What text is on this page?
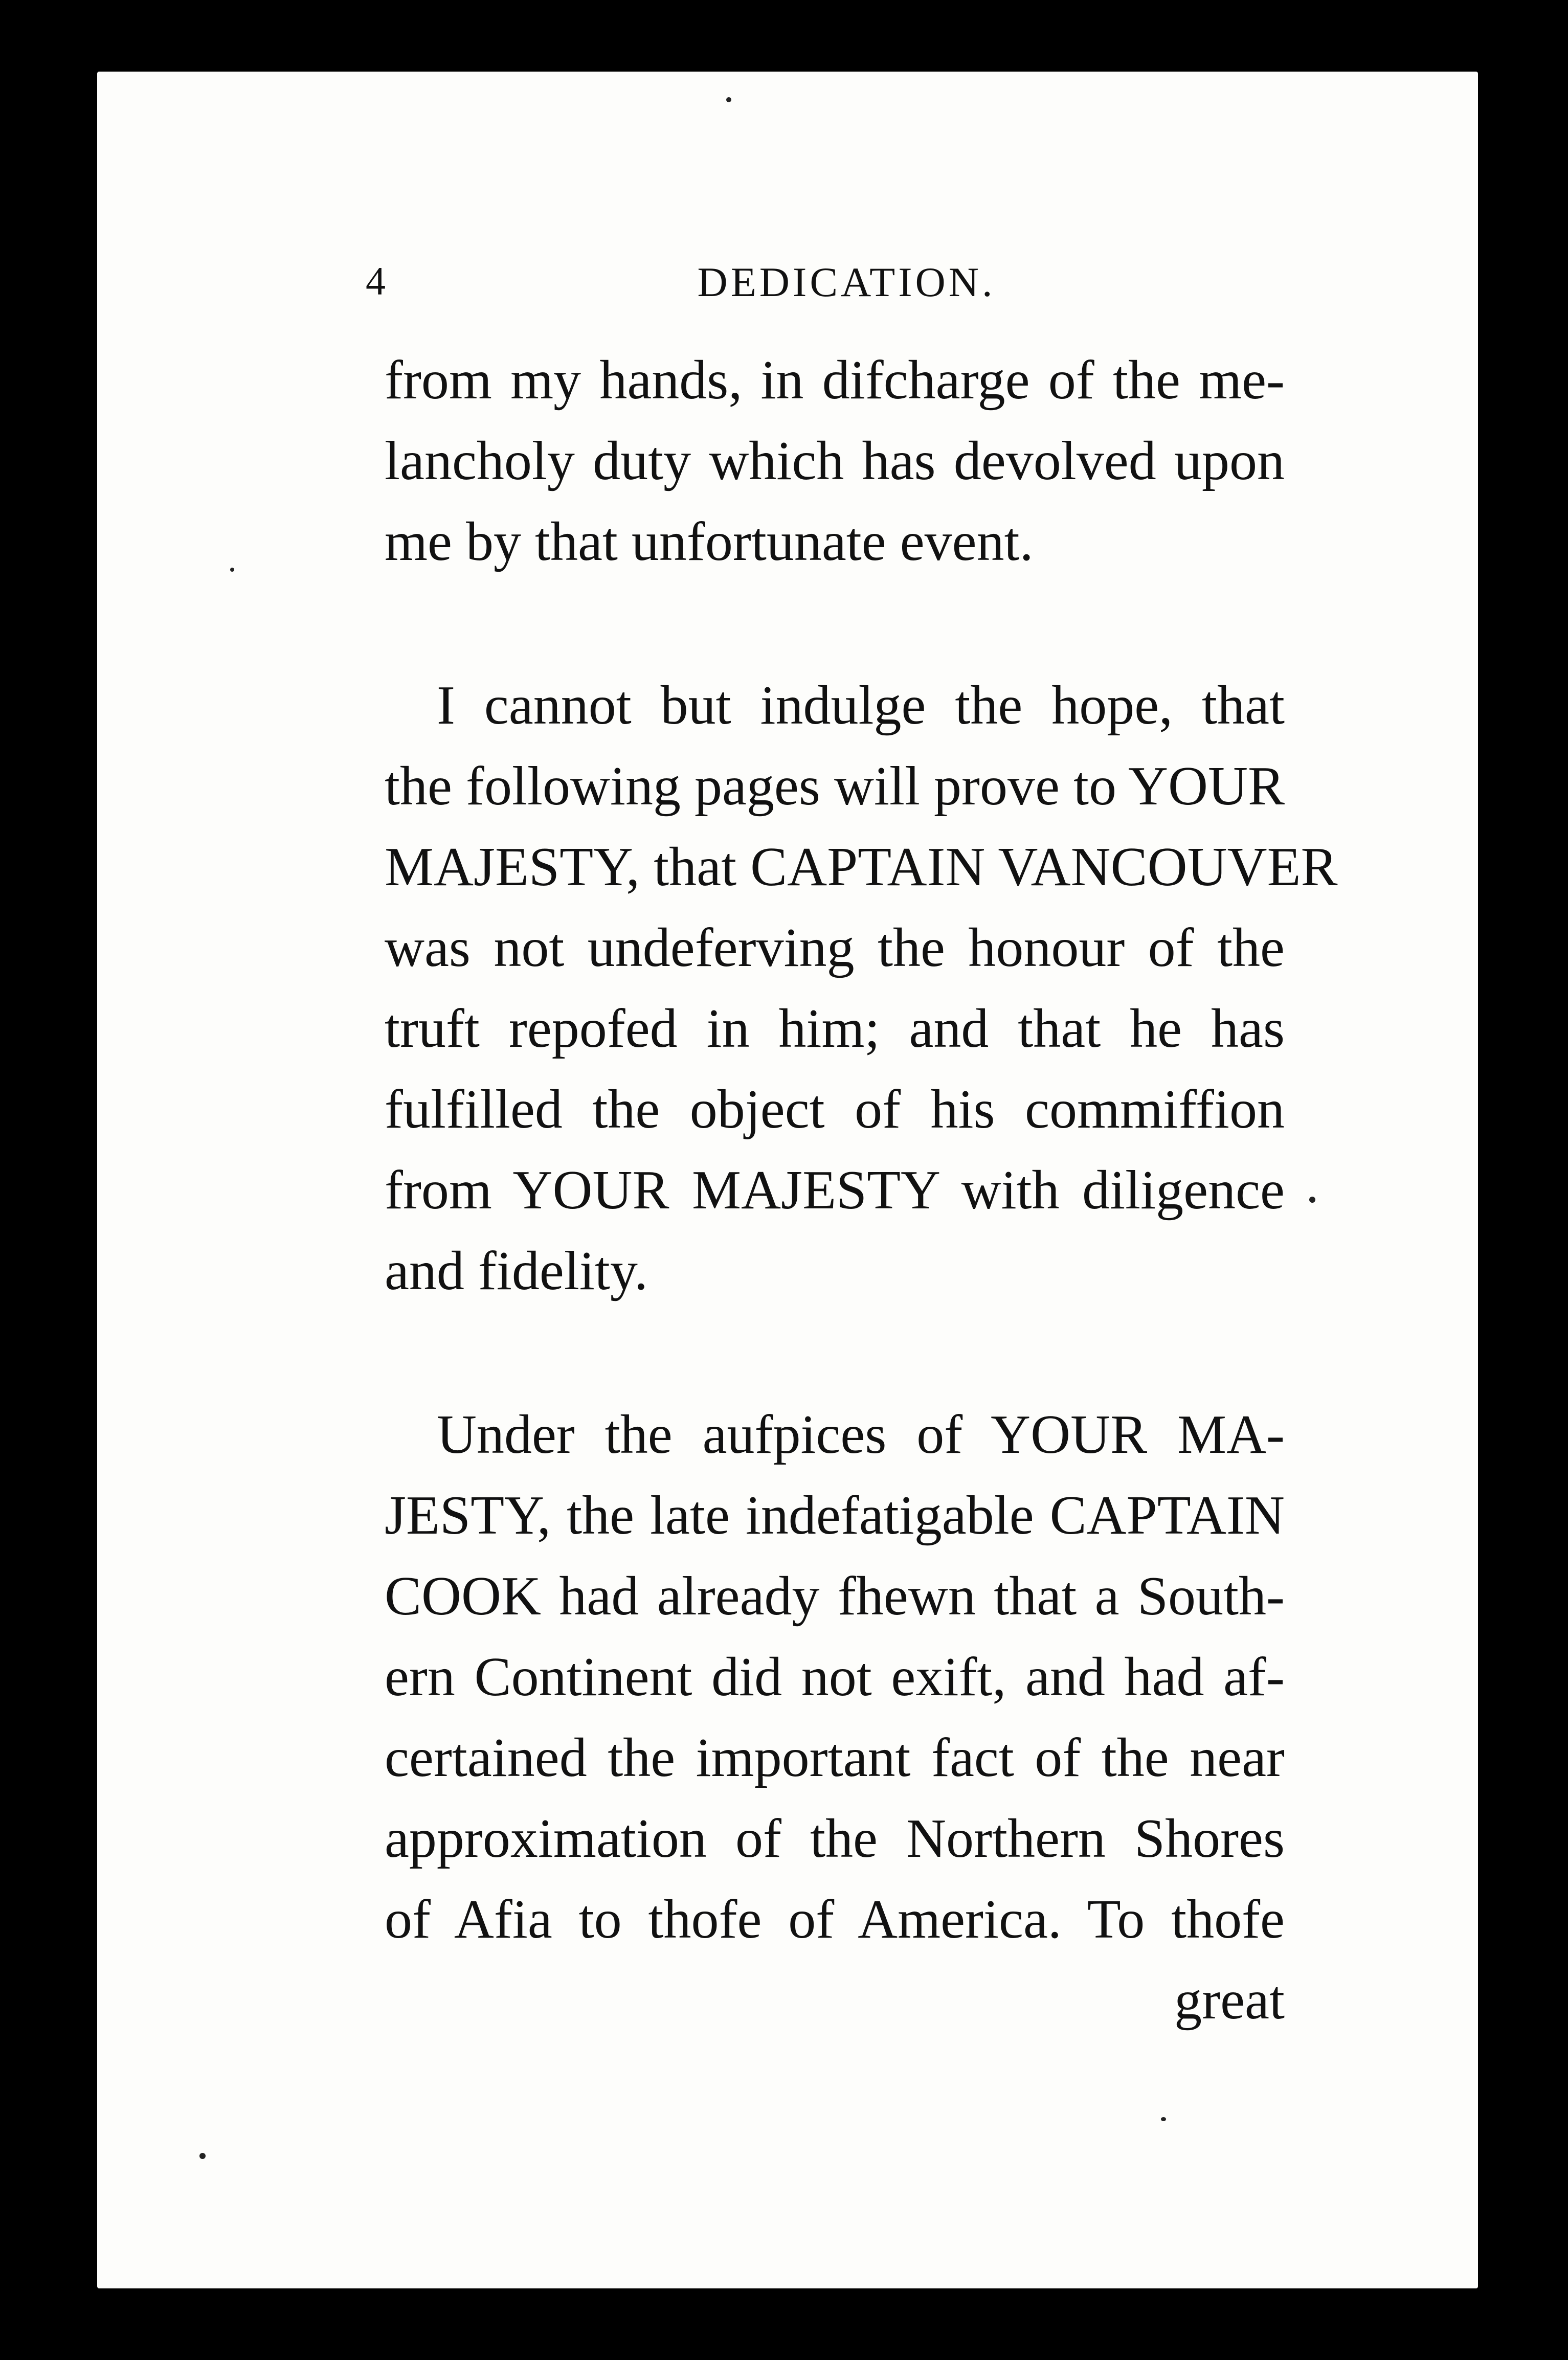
4	DEDICATION.
from my hands, in difcharge of the me-
lancholy duty which has devolved upon
me by that unfortunate event.
I cannot but indulge the hope, that
the following pages will prove to YOUR
MAJESTY, that CAPTAIN VANCOUVER
was not undeferving the honour of the
truft repofed in him; and that he has
fulfilled the object of his commiffion
from YOUR MAJESTY with diligence
and fidelity.
Under the aufpices of YOUR MA-
JESTY, the late indefatigable CAPTAIN
COOK had already fhewn that a South-
ern Continent did not exift, and had af-
certained the important fact of the near
approximation of the Northern Shores
of Afia to thofe of America. To thofe
great
